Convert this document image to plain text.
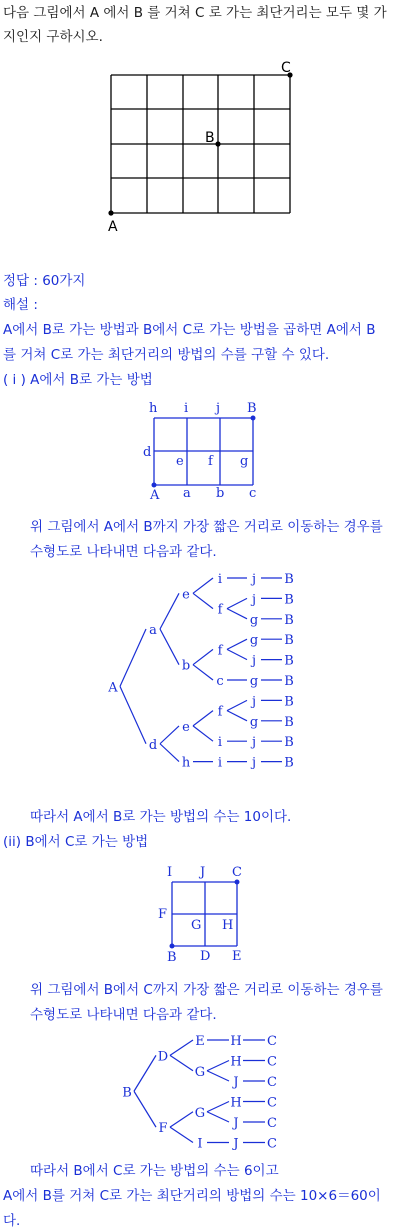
다음 그림에서 A 에서 B 를 거쳐 C 로 가는 최단거리는 모두 몇 가
지인지 구하시오.
A
B
C
정답 : 60가지
해설 :
A에서 B로 가는 방법과 B에서 C로 가는 방법을 곱하면 A에서 B
를 거쳐 C로 가는 최단거리의 방법의 수를 구할 수 있다.
( i ) A에서 B로 가는 방법
h i j B
d
e f g
A a b c
위 그림에서 A에서 B까지 가장 짧은 거리로 이동하는 경우를
수형도로 나타내면 다음과 같다.
A
a
e
i j B
f
j B
g B
b
f
g B
j B
c g B
d
e
f
j B
g B
i j B
h i j B
따라서 A에서 B로 가는 방법의 수는 10이다.
(ii) B에서 C로 가는 방법
I J C
F
G H
B D E
위 그림에서 B에서 C까지 가장 짧은 거리로 이동하는 경우를
수형도로 나타내면 다음과 같다.
B
D
E H C
G
H C
J C
F
G
H C
J C
I J C
따라서 B에서 C로 가는 방법의 수는 6이고
A에서 B를 거쳐 C로 가는 최단거리의 방법의 수는 10×6＝60이
다.
